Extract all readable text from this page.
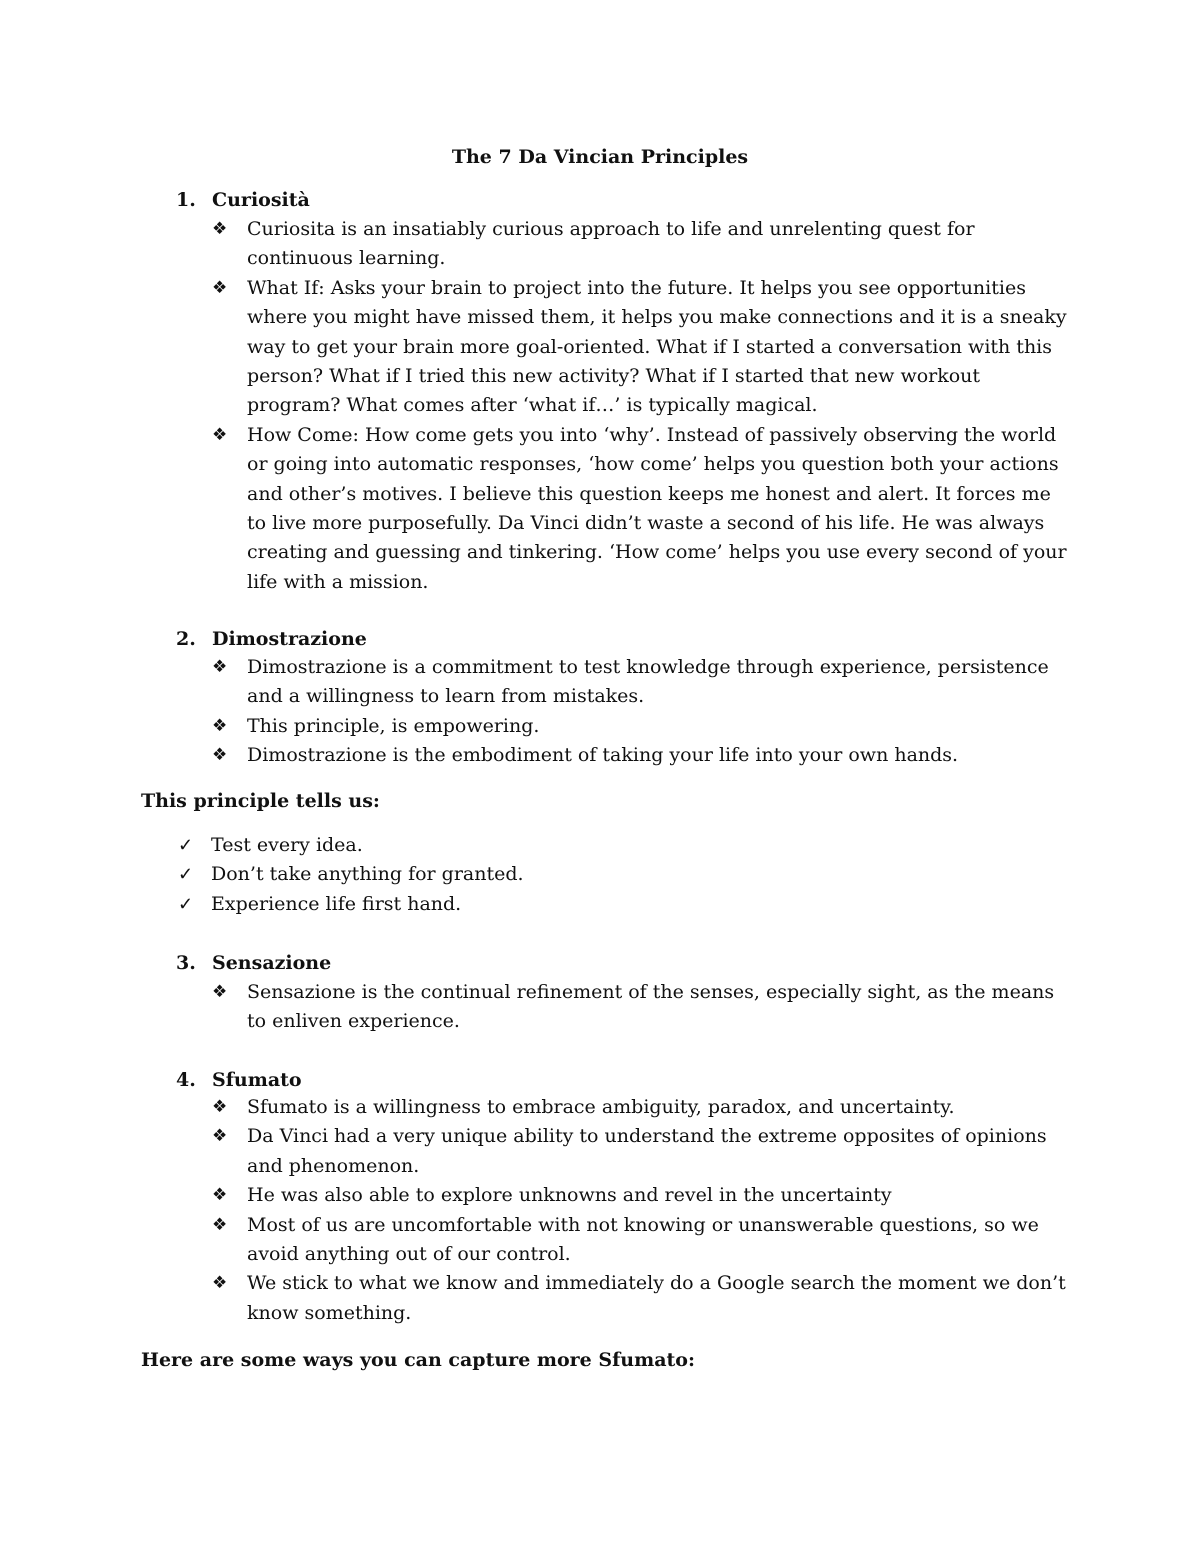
The 7 Da Vincian Principles
1. Curiosità
❖	Curiosita is an insatiably curious approach to life and unrelenting quest for continuous learning.
❖	What If: Asks your brain to project into the future. It helps you see opportunities where you might have missed them, it helps you make connections and it is a sneaky way to get your brain more goal-oriented. What if I started a conversation with this person? What if I tried this new activity? What if I started that new workout program? What comes after ‘what if…’ is typically magical.
❖	How Come: How come gets you into ‘why’. Instead of passively observing the world or going into automatic responses, ‘how come’ helps you question both your actions and other’s motives. I believe this question keeps me honest and alert. It forces me to live more purposefully. Da Vinci didn’t waste a second of his life. He was always creating and guessing and tinkering. ‘How come’ helps you use every second of your life with a mission.
2. Dimostrazione
❖	Dimostrazione is a commitment to test knowledge through experience, persistence and a willingness to learn from mistakes.
❖	This principle, is empowering.
❖	Dimostrazione is the embodiment of taking your life into your own hands.
This principle tells us:
✓ Test every idea.
✓ Don’t take anything for granted.
✓ Experience life first hand.
3. Sensazione
❖	Sensazione is the continual refinement of the senses, especially sight, as the means to enliven experience.
4. Sfumato
❖	Sfumato is a willingness to embrace ambiguity, paradox, and uncertainty.
❖	Da Vinci had a very unique ability to understand the extreme opposites of opinions and phenomenon.
❖	He was also able to explore unknowns and revel in the uncertainty
❖	Most of us are uncomfortable with not knowing or unanswerable questions, so we avoid anything out of our control.
❖	We stick to what we know and immediately do a Google search the moment we don’t know something.
Here are some ways you can capture more Sfumato:
